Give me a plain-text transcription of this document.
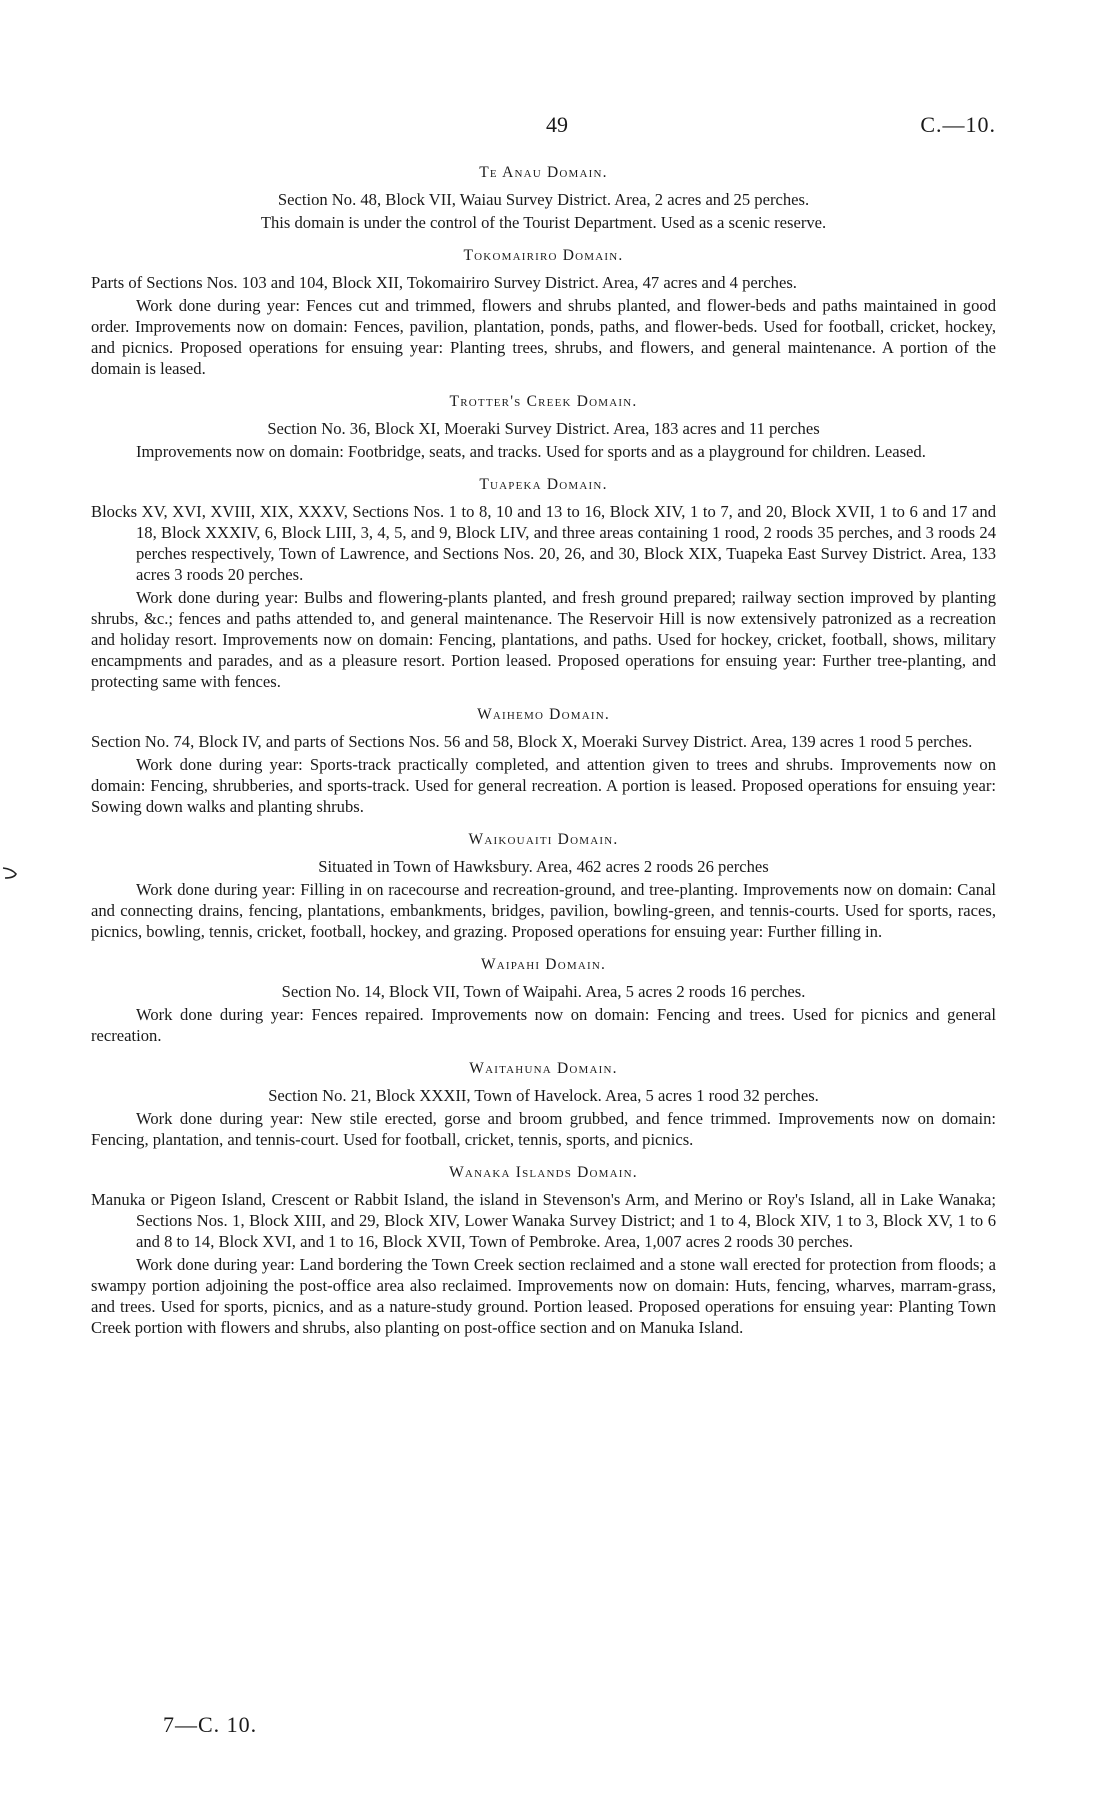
49	C.—10.
Te Anau Domain.
Section No. 48, Block VII, Waiau Survey District. Area, 2 acres and 25 perches.
This domain is under the control of the Tourist Department. Used as a scenic reserve.
Tokomairiro Domain.
Parts of Sections Nos. 103 and 104, Block XII, Tokomairiro Survey District. Area, 47 acres and 4 perches.
Work done during year: Fences cut and trimmed, flowers and shrubs planted, and flower-beds and paths maintained in good order. Improvements now on domain: Fences, pavilion, plantation, ponds, paths, and flower-beds. Used for football, cricket, hockey, and picnics. Proposed operations for ensuing year: Planting trees, shrubs, and flowers, and general maintenance. A portion of the domain is leased.
Trotter's Creek Domain.
Section No. 36, Block XI, Moeraki Survey District. Area, 183 acres and 11 perches
Improvements now on domain: Footbridge, seats, and tracks. Used for sports and as a playground for children. Leased.
Tuapeka Domain.
Blocks XV, XVI, XVIII, XIX, XXXV, Sections Nos. 1 to 8, 10 and 13 to 16, Block XIV, 1 to 7, and 20, Block XVII, 1 to 6 and 17 and 18, Block XXXIV, 6, Block LIII, 3, 4, 5, and 9, Block LIV, and three areas containing 1 rood, 2 roods 35 perches, and 3 roods 24 perches respectively, Town of Lawrence, and Sections Nos. 20, 26, and 30, Block XIX, Tuapeka East Survey District. Area, 133 acres 3 roods 20 perches.
Work done during year: Bulbs and flowering-plants planted, and fresh ground prepared; railway section improved by planting shrubs, &c.; fences and paths attended to, and general maintenance. The Reservoir Hill is now extensively patronized as a recreation and holiday resort. Improvements now on domain: Fencing, plantations, and paths. Used for hockey, cricket, football, shows, military encampments and parades, and as a pleasure resort. Portion leased. Proposed operations for ensuing year: Further tree-planting, and protecting same with fences.
Waihemo Domain.
Section No. 74, Block IV, and parts of Sections Nos. 56 and 58, Block X, Moeraki Survey District. Area, 139 acres 1 rood 5 perches.
Work done during year: Sports-track practically completed, and attention given to trees and shrubs. Improvements now on domain: Fencing, shrubberies, and sports-track. Used for general recreation. A portion is leased. Proposed operations for ensuing year: Sowing down walks and planting shrubs.
Waikouaiti Domain.
Situated in Town of Hawksbury. Area, 462 acres 2 roods 26 perches
Work done during year: Filling in on racecourse and recreation-ground, and tree-planting. Improvements now on domain: Canal and connecting drains, fencing, plantations, embankments, bridges, pavilion, bowling-green, and tennis-courts. Used for sports, races, picnics, bowling, tennis, cricket, football, hockey, and grazing. Proposed operations for ensuing year: Further filling in.
Waipahi Domain.
Section No. 14, Block VII, Town of Waipahi. Area, 5 acres 2 roods 16 perches.
Work done during year: Fences repaired. Improvements now on domain: Fencing and trees. Used for picnics and general recreation.
Waitahuna Domain.
Section No. 21, Block XXXII, Town of Havelock. Area, 5 acres 1 rood 32 perches.
Work done during year: New stile erected, gorse and broom grubbed, and fence trimmed. Improvements now on domain: Fencing, plantation, and tennis-court. Used for football, cricket, tennis, sports, and picnics.
Wanaka Islands Domain.
Manuka or Pigeon Island, Crescent or Rabbit Island, the island in Stevenson's Arm, and Merino or Roy's Island, all in Lake Wanaka; Sections Nos. 1, Block XIII, and 29, Block XIV, Lower Wanaka Survey District; and 1 to 4, Block XIV, 1 to 3, Block XV, 1 to 6 and 8 to 14, Block XVI, and 1 to 16, Block XVII, Town of Pembroke. Area, 1,007 acres 2 roods 30 perches.
Work done during year: Land bordering the Town Creek section reclaimed and a stone wall erected for protection from floods; a swampy portion adjoining the post-office area also reclaimed. Improvements now on domain: Huts, fencing, wharves, marram-grass, and trees. Used for sports, picnics, and as a nature-study ground. Portion leased. Proposed operations for ensuing year: Planting Town Creek portion with flowers and shrubs, also planting on post-office section and on Manuka Island.
7—C. 10.
